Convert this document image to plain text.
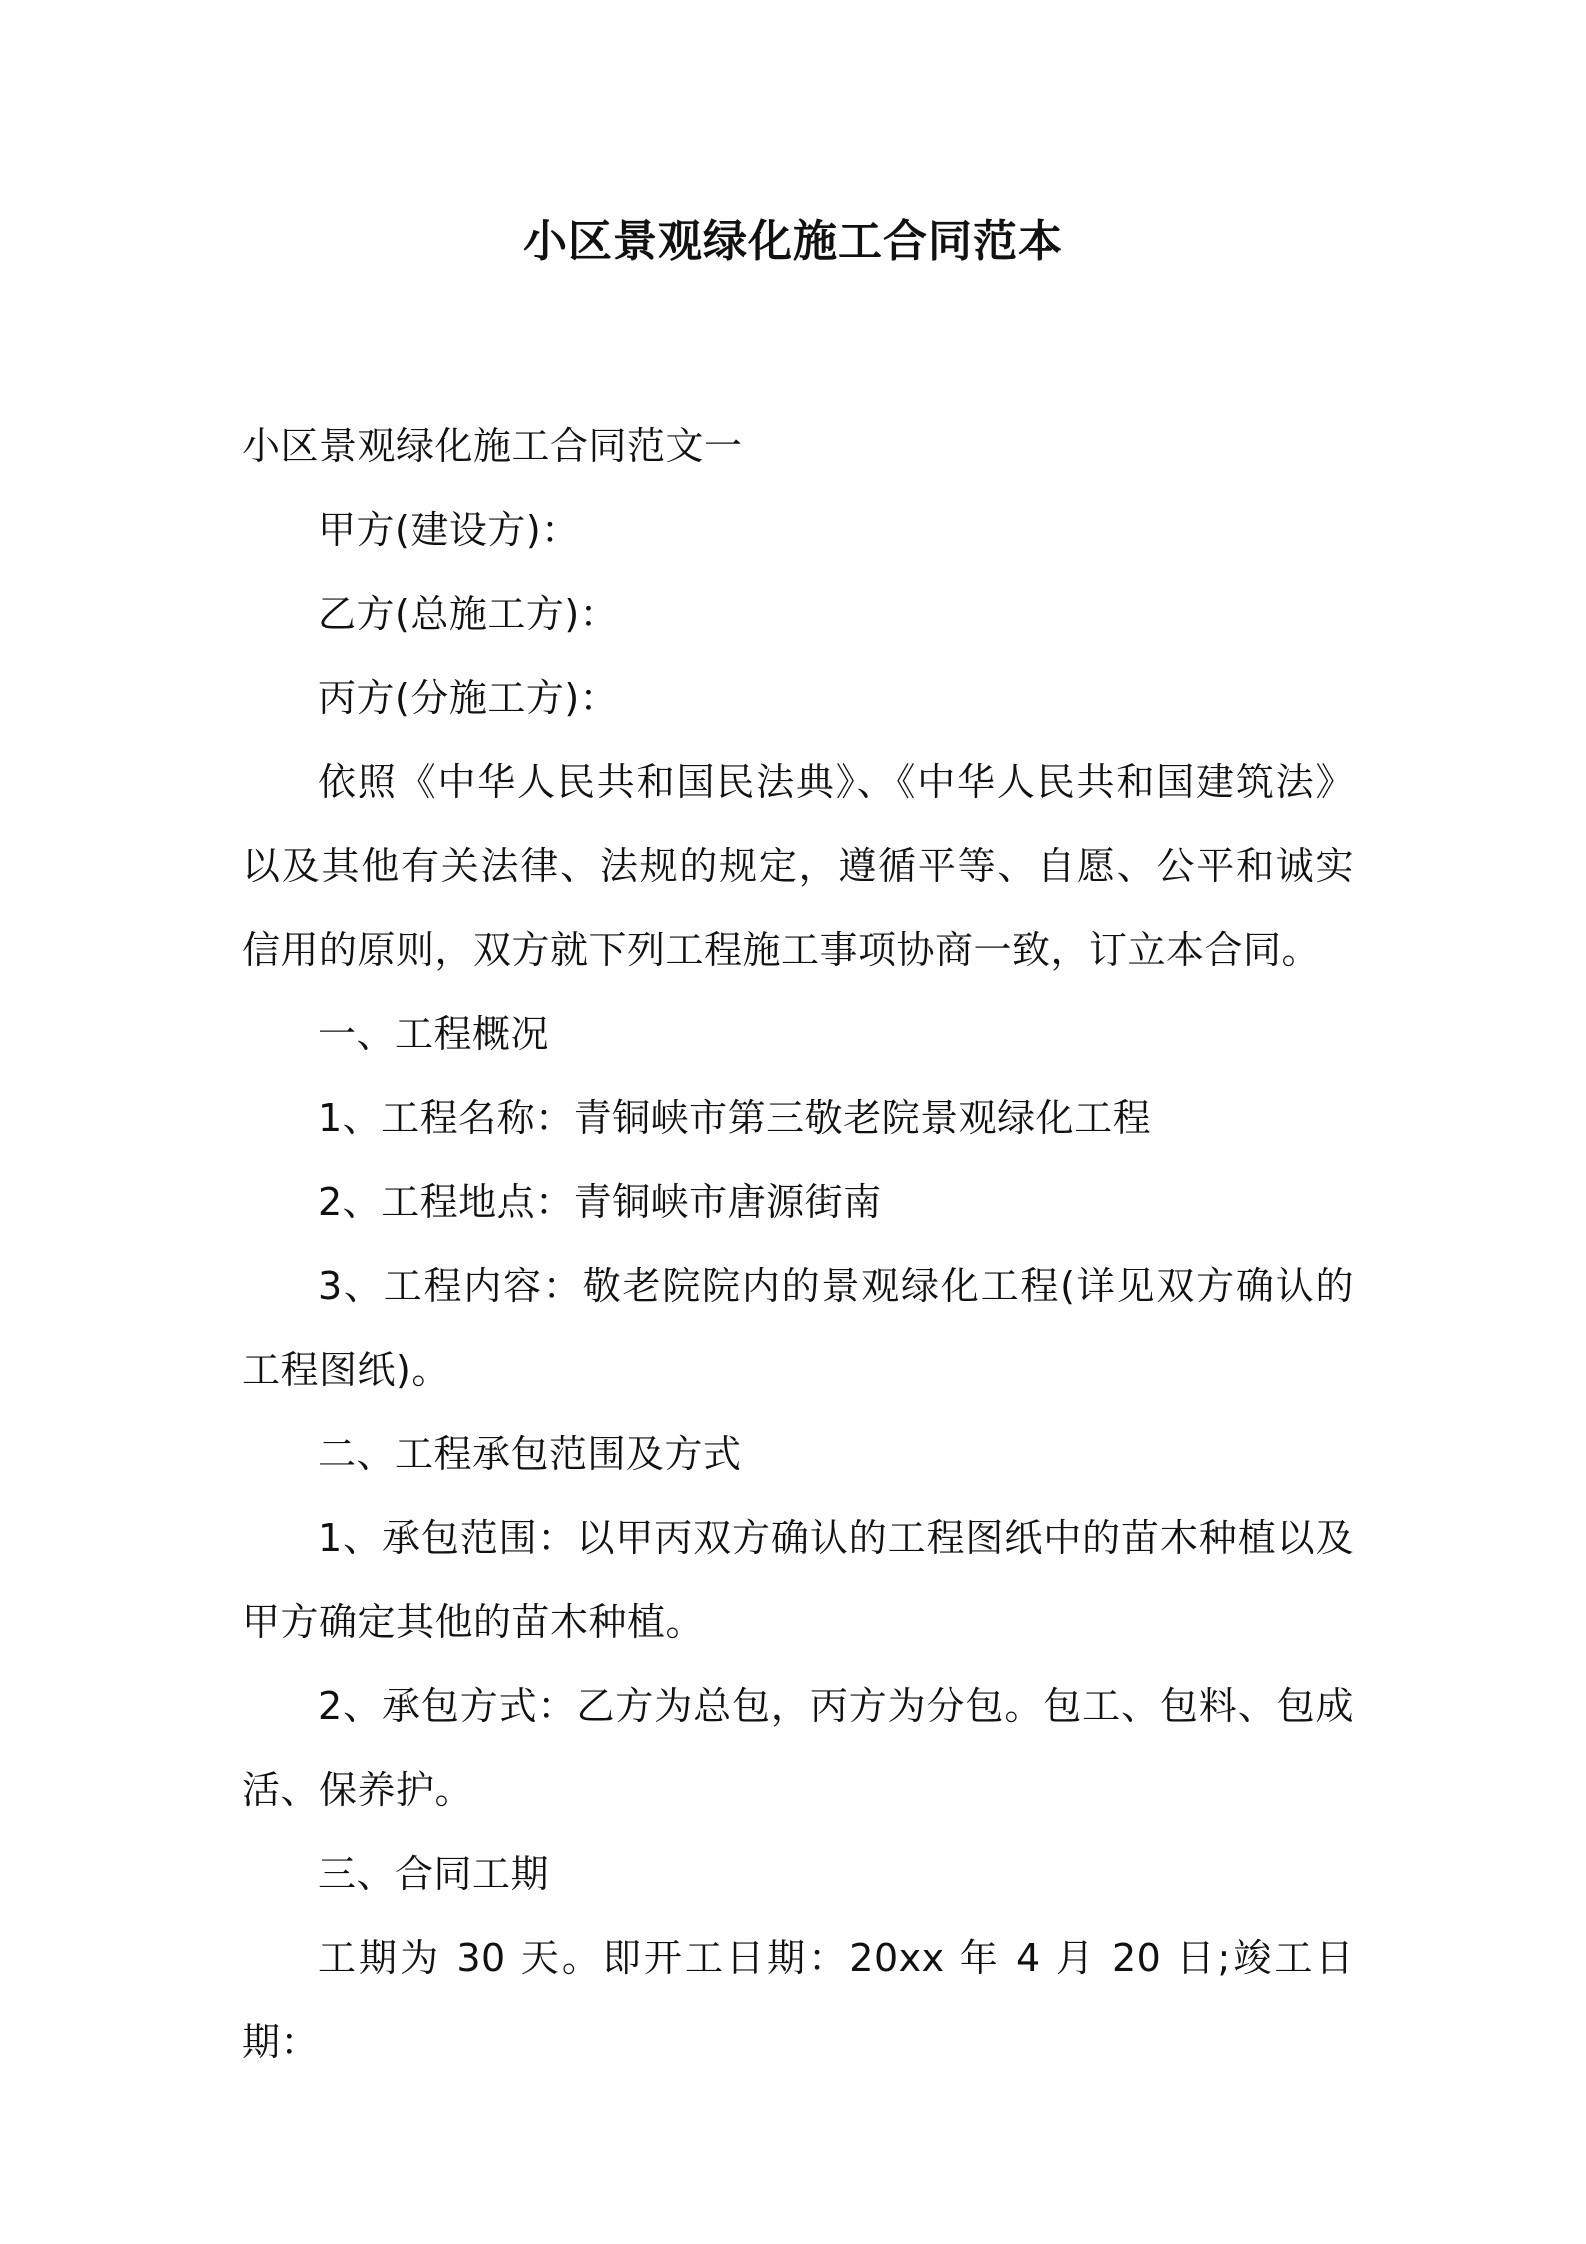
小区景观绿化施工合同范本

小区景观绿化施工合同范文一

甲方(建设方)：

乙方(总施工方)：

丙方(分施工方)：

依照《中华人民共和国民法典》、《中华人民共和国建筑法》以及其他有关法律、法规的规定，遵循平等、自愿、公平和诚实信用的原则，双方就下列工程施工事项协商一致，订立本合同。

一、工程概况

1、工程名称：青铜峡市第三敬老院景观绿化工程

2、工程地点：青铜峡市唐源街南

3、工程内容：敬老院院内的景观绿化工程(详见双方确认的工程图纸)。

二、工程承包范围及方式

1、承包范围：以甲丙双方确认的工程图纸中的苗木种植以及甲方确定其他的苗木种植。

2、承包方式：乙方为总包，丙方为分包。包工、包料、包成活、保养护。

三、合同工期

工期为 30 天。即开工日期：20xx 年 4 月 20 日;竣工日期：
